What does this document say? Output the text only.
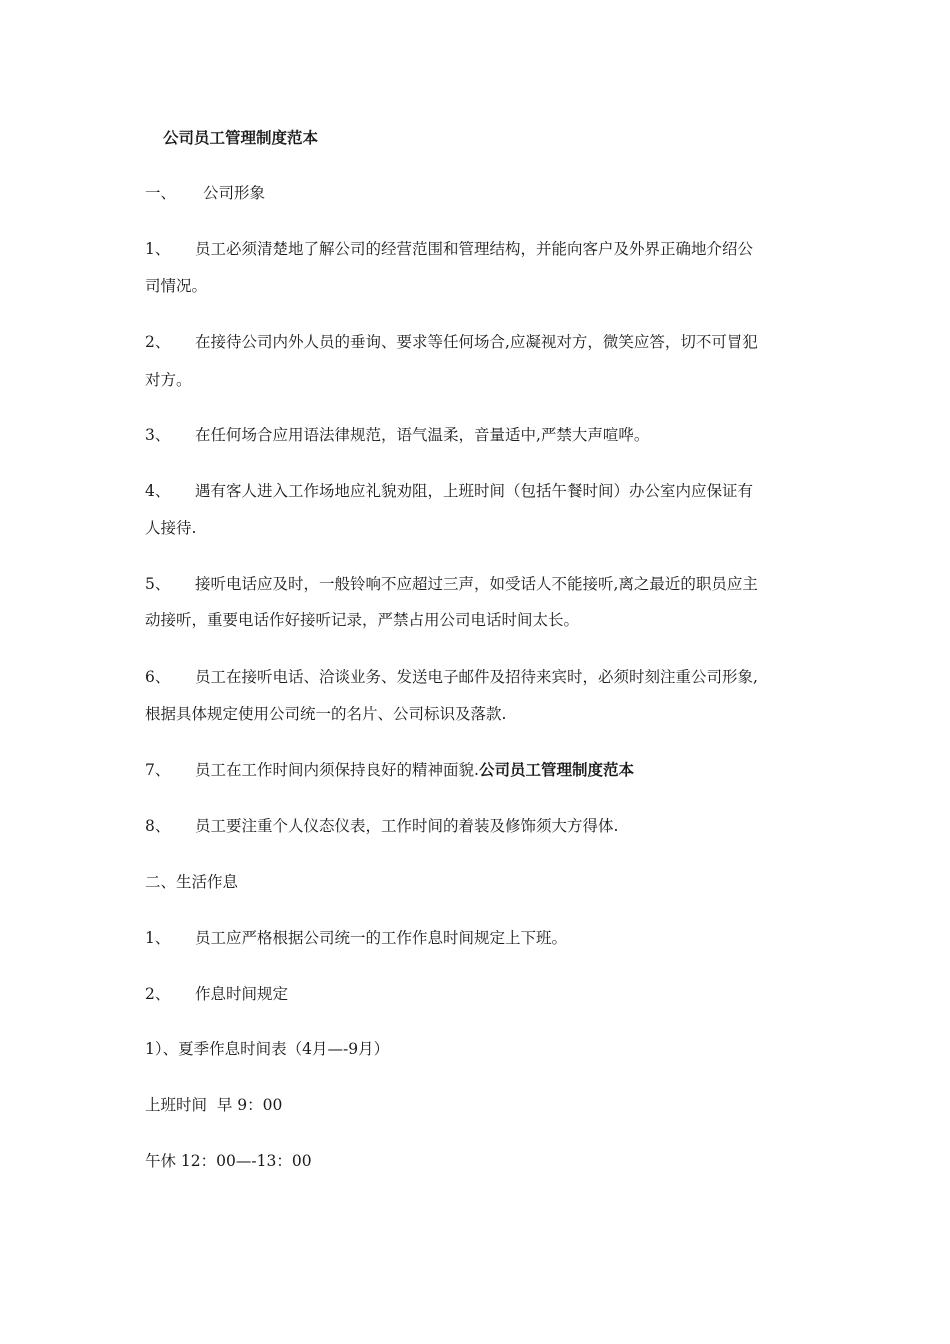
公司员工管理制度范本
一、 公司形象
1、 员工必须清楚地了解公司的经营范围和管理结构，并能向客户及外界正确地介绍公
司情况。
2、 在接待公司内外人员的垂询、要求等任何场合,应凝视对方，微笑应答，切不可冒犯
对方。
3、 在任何场合应用语法律规范，语气温柔，音量适中,严禁大声喧哗。
4、 遇有客人进入工作场地应礼貌劝阻，上班时间（包括午餐时间）办公室内应保证有
人接待.
5、 接听电话应及时，一般铃响不应超过三声，如受话人不能接听,离之最近的职员应主
动接听，重要电话作好接听记录，严禁占用公司电话时间太长。
6、 员工在接听电话、洽谈业务、发送电子邮件及招待来宾时，必须时刻注重公司形象,
根据具体规定使用公司统一的名片、公司标识及落款.
7、 员工在工作时间内须保持良好的精神面貌.公司员工管理制度范本
8、 员工要注重个人仪态仪表，工作时间的着装及修饰须大方得体.
二、生活作息
1、 员工应严格根据公司统一的工作作息时间规定上下班。
2、 作息时间规定
1）、夏季作息时间表（4月—-9月）
上班时间  早 9：00
午休 12：00—-13：00
